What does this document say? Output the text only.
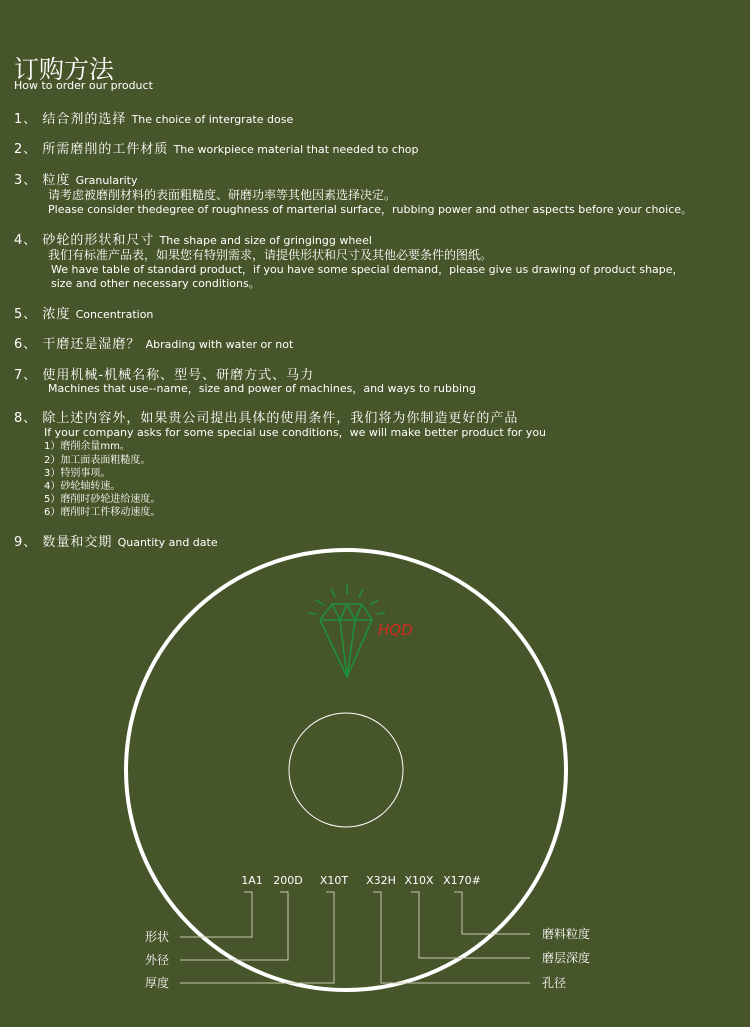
订购方法
How to order our product
1、 结合剂的选择 The choice of intergrate dose
2、 所需磨削的工件材质 The workpiece material that needed to chop
3、 粒度 Granularity
请考虑被磨削材料的表面粗糙度、研磨功率等其他因素选择决定。
Please consider thedegree of roughness of marterial surface，rubbing power and other aspects before your choice。
4、 砂轮的形状和尺寸 The shape and size of gringingg wheel
我们有标准产品表，如果您有特别需求，请提供形状和尺寸及其他必要条件的图纸。
We have table of standard product，if you have some special demand，please give us drawing of product shape，
size and other necessary conditions。
5、 浓度 Concentration
6、 干磨还是湿磨？ Abrading with water or not
7、 使用机械-机械名称、型号、研磨方式、马力
Machines that use--name，size and power of machines，and ways to rubbing
8、 除上述内容外，如果贵公司提出具体的使用条件，我们将为你制造更好的产品
If your company asks for some special use conditions，we will make better product for you
1）磨削余量mm。
2）加工面表面粗糙度。
3）特别事项。
4）砂轮轴转速。
5）磨削时砂轮进给速度。
6）磨削时工件移动速度。
9、 数量和交期 Quantity and date
HQD
1A1 200D X10T X32H X10X X170#
形状
外径
厚度
磨料粒度
磨层深度
孔径
